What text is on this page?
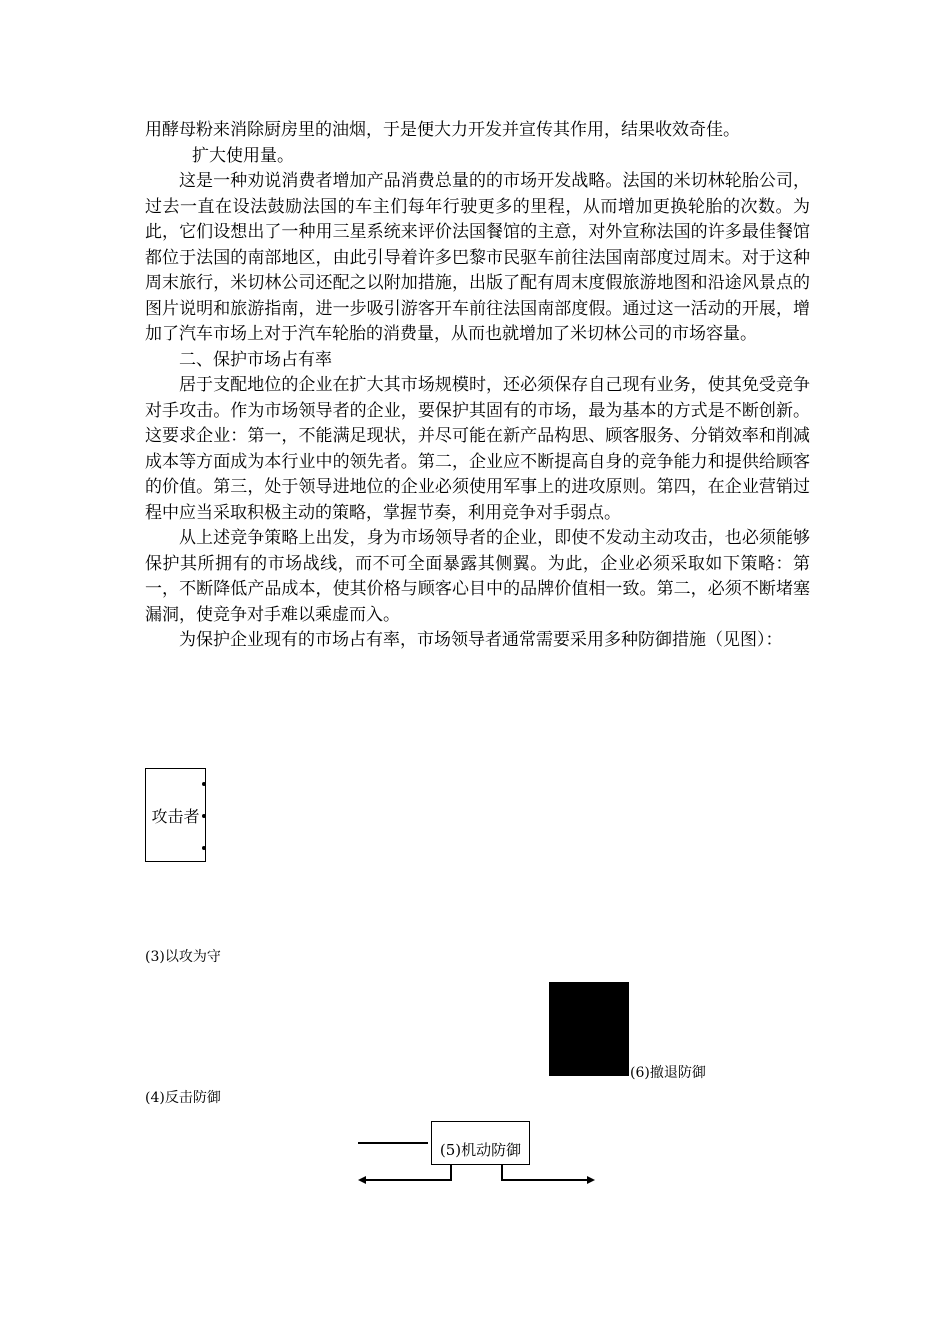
用酵母粉来消除厨房里的油烟，于是便大力开发并宣传其作用，结果收效奇佳。

扩大使用量。

这是一种劝说消费者增加产品消费总量的的市场开发战略。法国的米切林轮胎公司，过去一直在设法鼓励法国的车主们每年行驶更多的里程，从而增加更换轮胎的次数。为此，它们设想出了一种用三星系统来评价法国餐馆的主意，对外宣称法国的许多最佳餐馆都位于法国的南部地区，由此引导着许多巴黎市民驱车前往法国南部度过周末。对于这种周末旅行，米切林公司还配之以附加措施，出版了配有周末度假旅游地图和沿途风景点的图片说明和旅游指南，进一步吸引游客开车前往法国南部度假。通过这一活动的开展，增加了汽车市场上对于汽车轮胎的消费量，从而也就增加了米切林公司的市场容量。

二、保护市场占有率

居于支配地位的企业在扩大其市场规模时，还必须保存自己现有业务，使其免受竞争对手攻击。作为市场领导者的企业，要保护其固有的市场，最为基本的方式是不断创新。这要求企业：第一，不能满足现状，并尽可能在新产品构思、顾客服务、分销效率和削减成本等方面成为本行业中的领先者。第二，企业应不断提高自身的竞争能力和提供给顾客的价值。第三，处于领导进地位的企业必须使用军事上的进攻原则。第四，在企业营销过程中应当采取积极主动的策略，掌握节奏，利用竞争对手弱点。

从上述竞争策略上出发，身为市场领导者的企业，即使不发动主动攻击，也必须能够保护其所拥有的市场战线，而不可全面暴露其侧翼。为此，企业必须采取如下策略：第一，不断降低产品成本，使其价格与顾客心目中的品牌价值相一致。第二，必须不断堵塞漏洞，使竞争对手难以乘虚而入。

为保护企业现有的市场占有率，市场领导者通常需要采用多种防御措施（见图）：

攻击者
(3)以攻为守
(6)撤退防御
(4)反击防御
(5)机动防御
